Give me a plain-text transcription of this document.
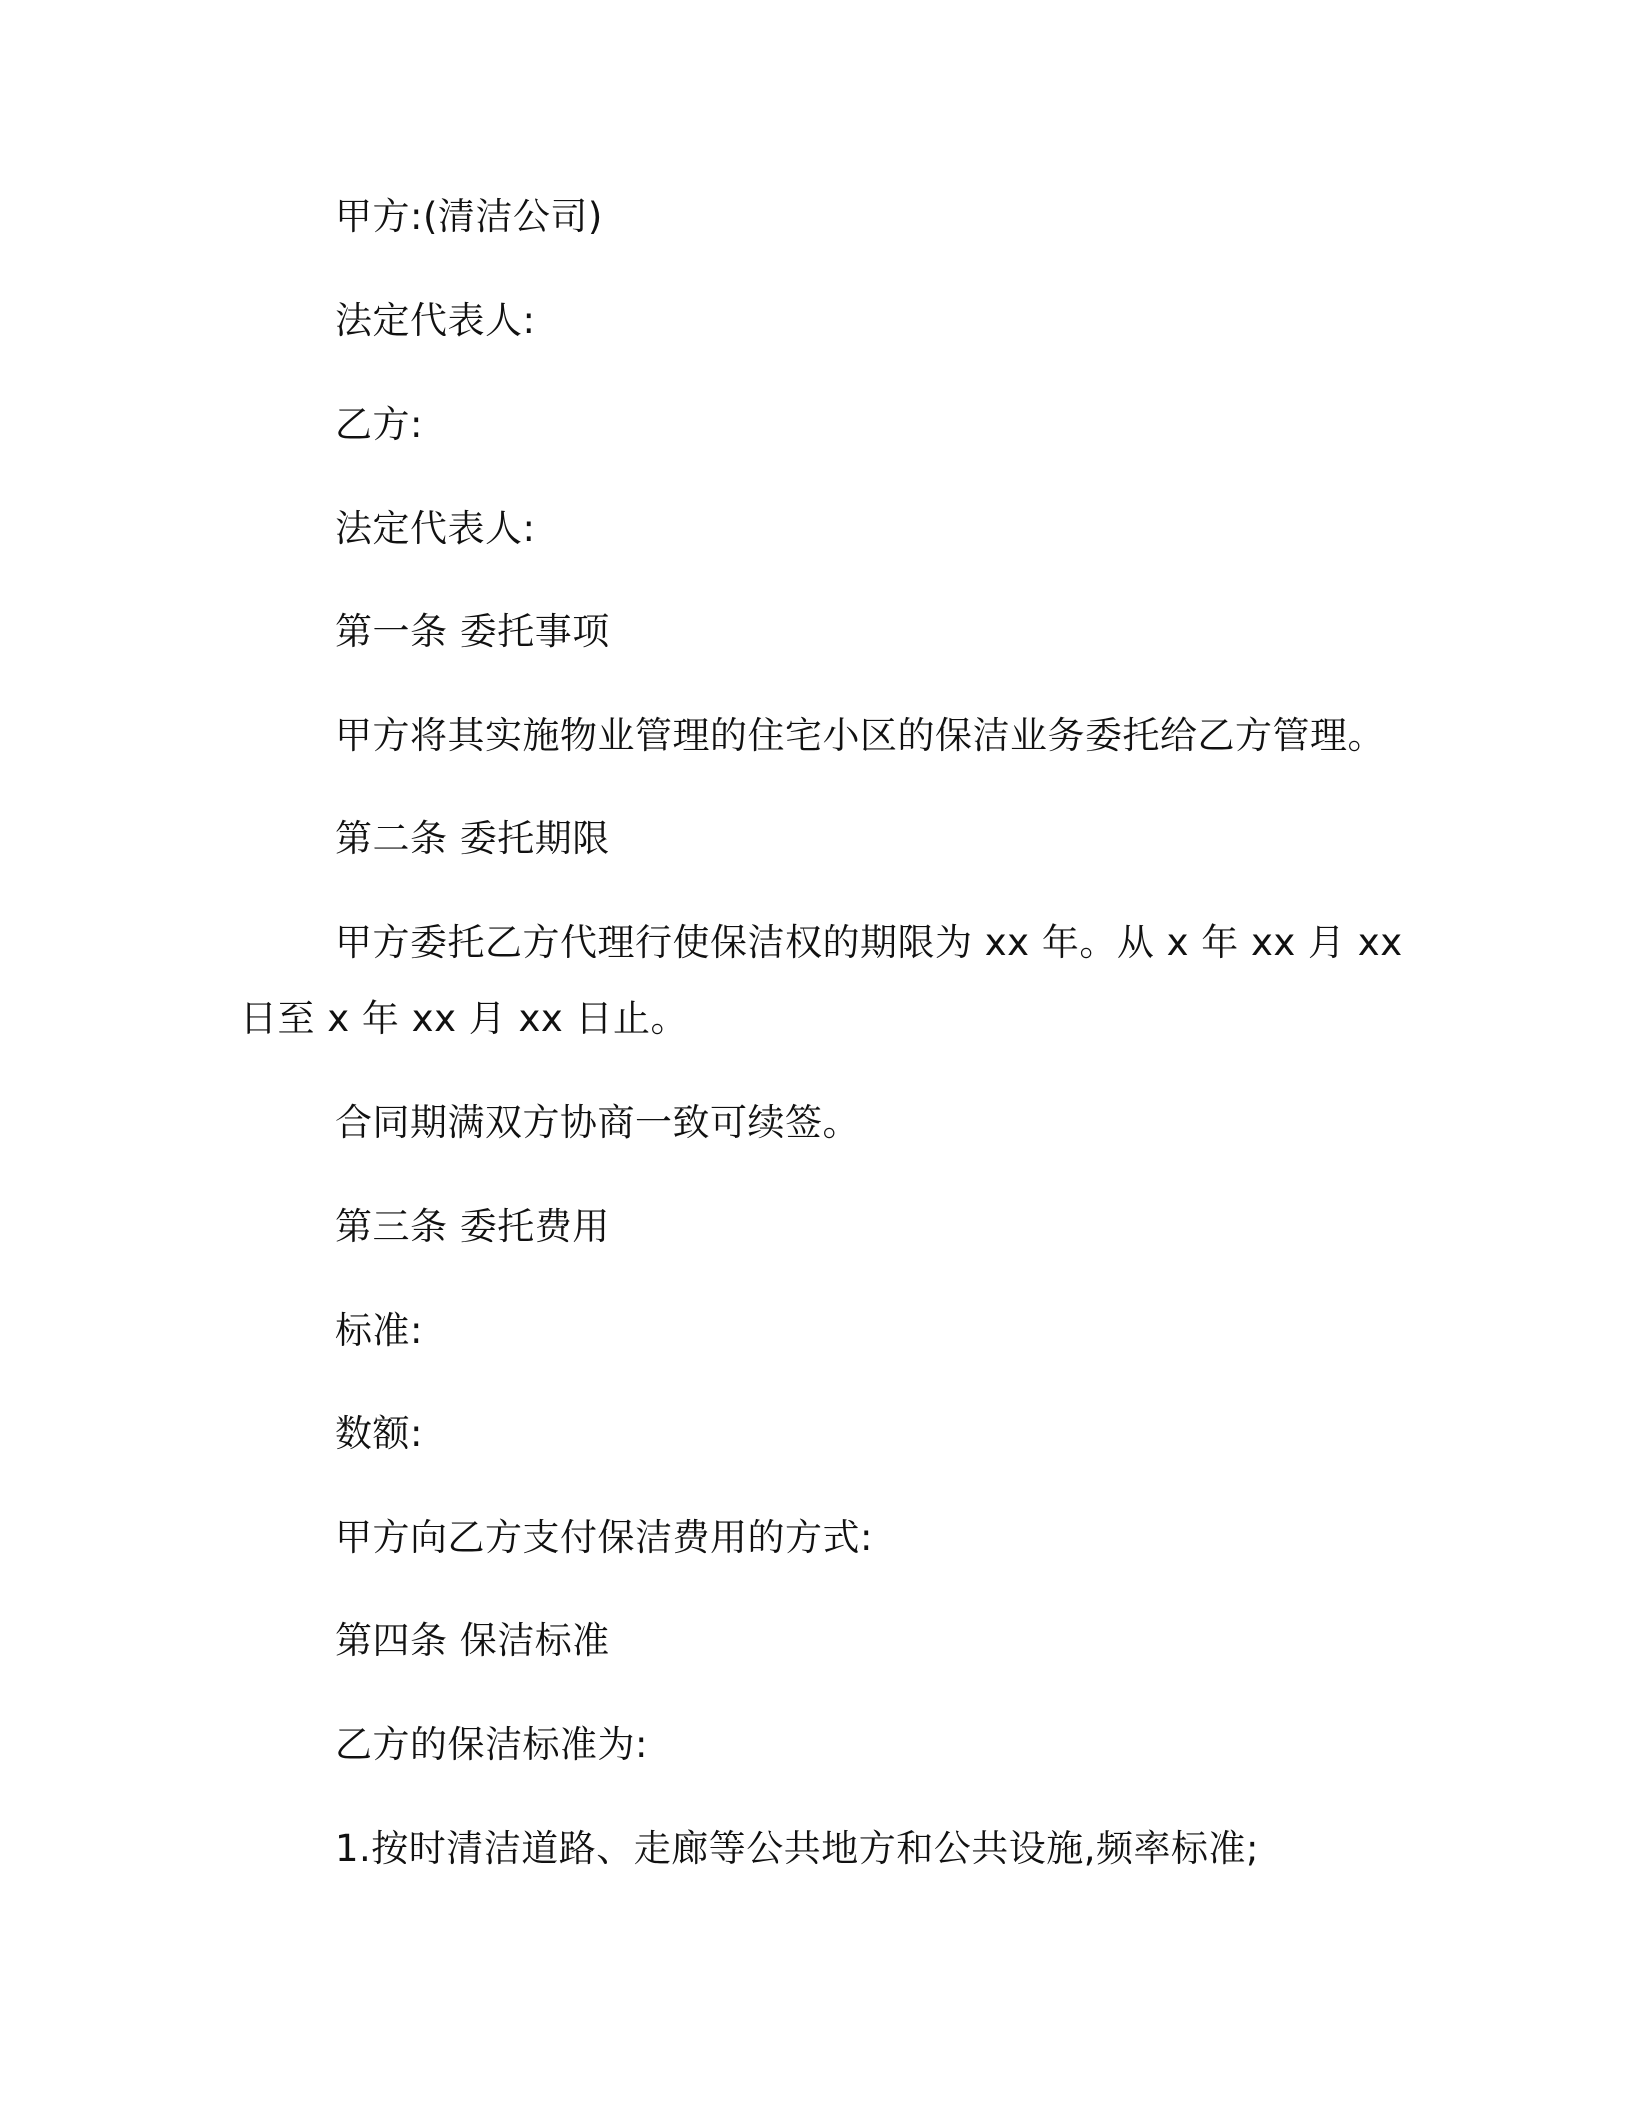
甲方:(清洁公司)
法定代表人:
乙方:
法定代表人:
第一条 委托事项
甲方将其实施物业管理的住宅小区的保洁业务委托给乙方管理。
第二条 委托期限
甲方委托乙方代理行使保洁权的期限为 xx 年。从 x 年 xx 月 xx
日至 x 年 xx 月 xx 日止。
合同期满双方协商一致可续签。
第三条 委托费用
标准:
数额:
甲方向乙方支付保洁费用的方式:
第四条 保洁标准
乙方的保洁标准为:
1.按时清洁道路、走廊等公共地方和公共设施,频率标准;
